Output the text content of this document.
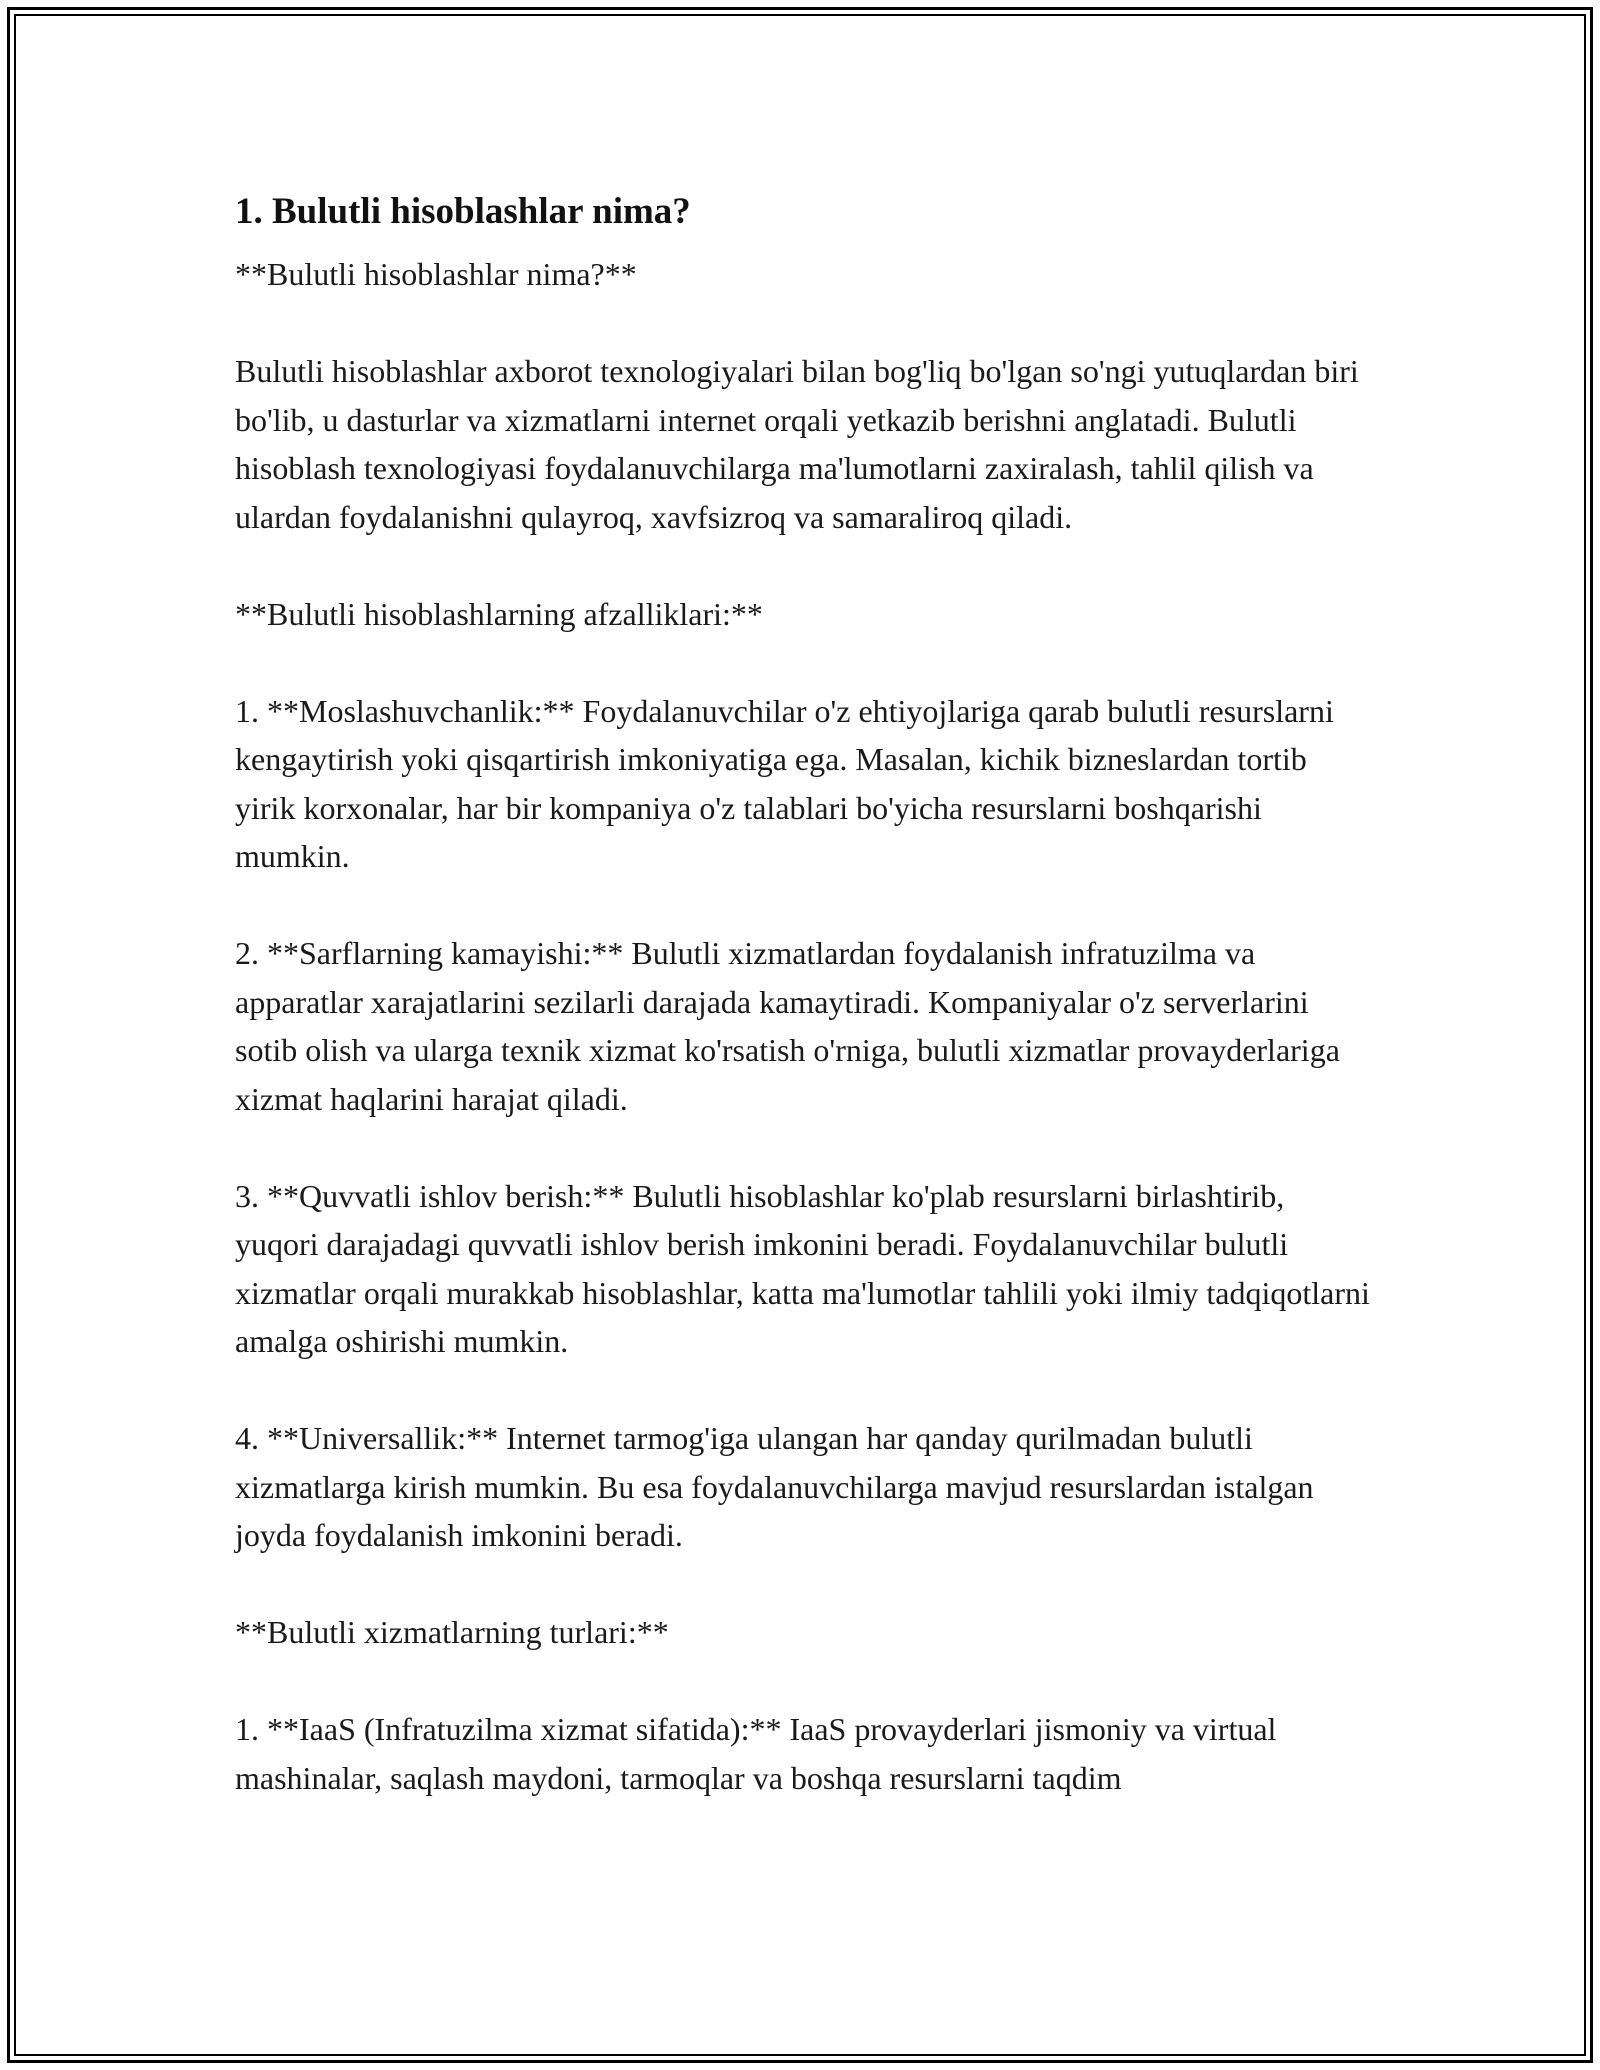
1. Bulutli hisoblashlar nima?

**Bulutli hisoblashlar nima?**

Bulutli hisoblashlar axborot texnologiyalari bilan bog'liq bo'lgan so'ngi yutuqlardan biri bo'lib, u dasturlar va xizmatlarni internet orqali yetkazib berishni anglatadi. Bulutli hisoblash texnologiyasi foydalanuvchilarga ma'lumotlarni zaxiralash, tahlil qilish va ulardan foydalanishni qulayroq, xavfsizroq va samaraliroq qiladi.

**Bulutli hisoblashlarning afzalliklari:**

1. **Moslashuvchanlik:** Foydalanuvchilar o'z ehtiyojlariga qarab bulutli resurslarni kengaytirish yoki qisqartirish imkoniyatiga ega. Masalan, kichik bizneslardan tortib yirik korxonalar, har bir kompaniya o'z talablari bo'yicha resurslarni boshqarishi mumkin.

2. **Sarflarning kamayishi:** Bulutli xizmatlardan foydalanish infratuzilma va apparatlar xarajatlarini sezilarli darajada kamaytiradi. Kompaniyalar o'z serverlarini sotib olish va ularga texnik xizmat ko'rsatish o'rniga, bulutli xizmatlar provayderlariga xizmat haqlarini harajat qiladi.

3. **Quvvatli ishlov berish:** Bulutli hisoblashlar ko'plab resurslarni birlashtirib, yuqori darajadagi quvvatli ishlov berish imkonini beradi. Foydalanuvchilar bulutli xizmatlar orqali murakkab hisoblashlar, katta ma'lumotlar tahlili yoki ilmiy tadqiqotlarni amalga oshirishi mumkin.

4. **Universallik:** Internet tarmog'iga ulangan har qanday qurilmadan bulutli xizmatlarga kirish mumkin. Bu esa foydalanuvchilarga mavjud resurslardan istalgan joyda foydalanish imkonini beradi.

**Bulutli xizmatlarning turlari:**

1. **IaaS (Infratuzilma xizmat sifatida):** IaaS provayderlari jismoniy va virtual mashinalar, saqlash maydoni, tarmoqlar va boshqa resurslarni taqdim
